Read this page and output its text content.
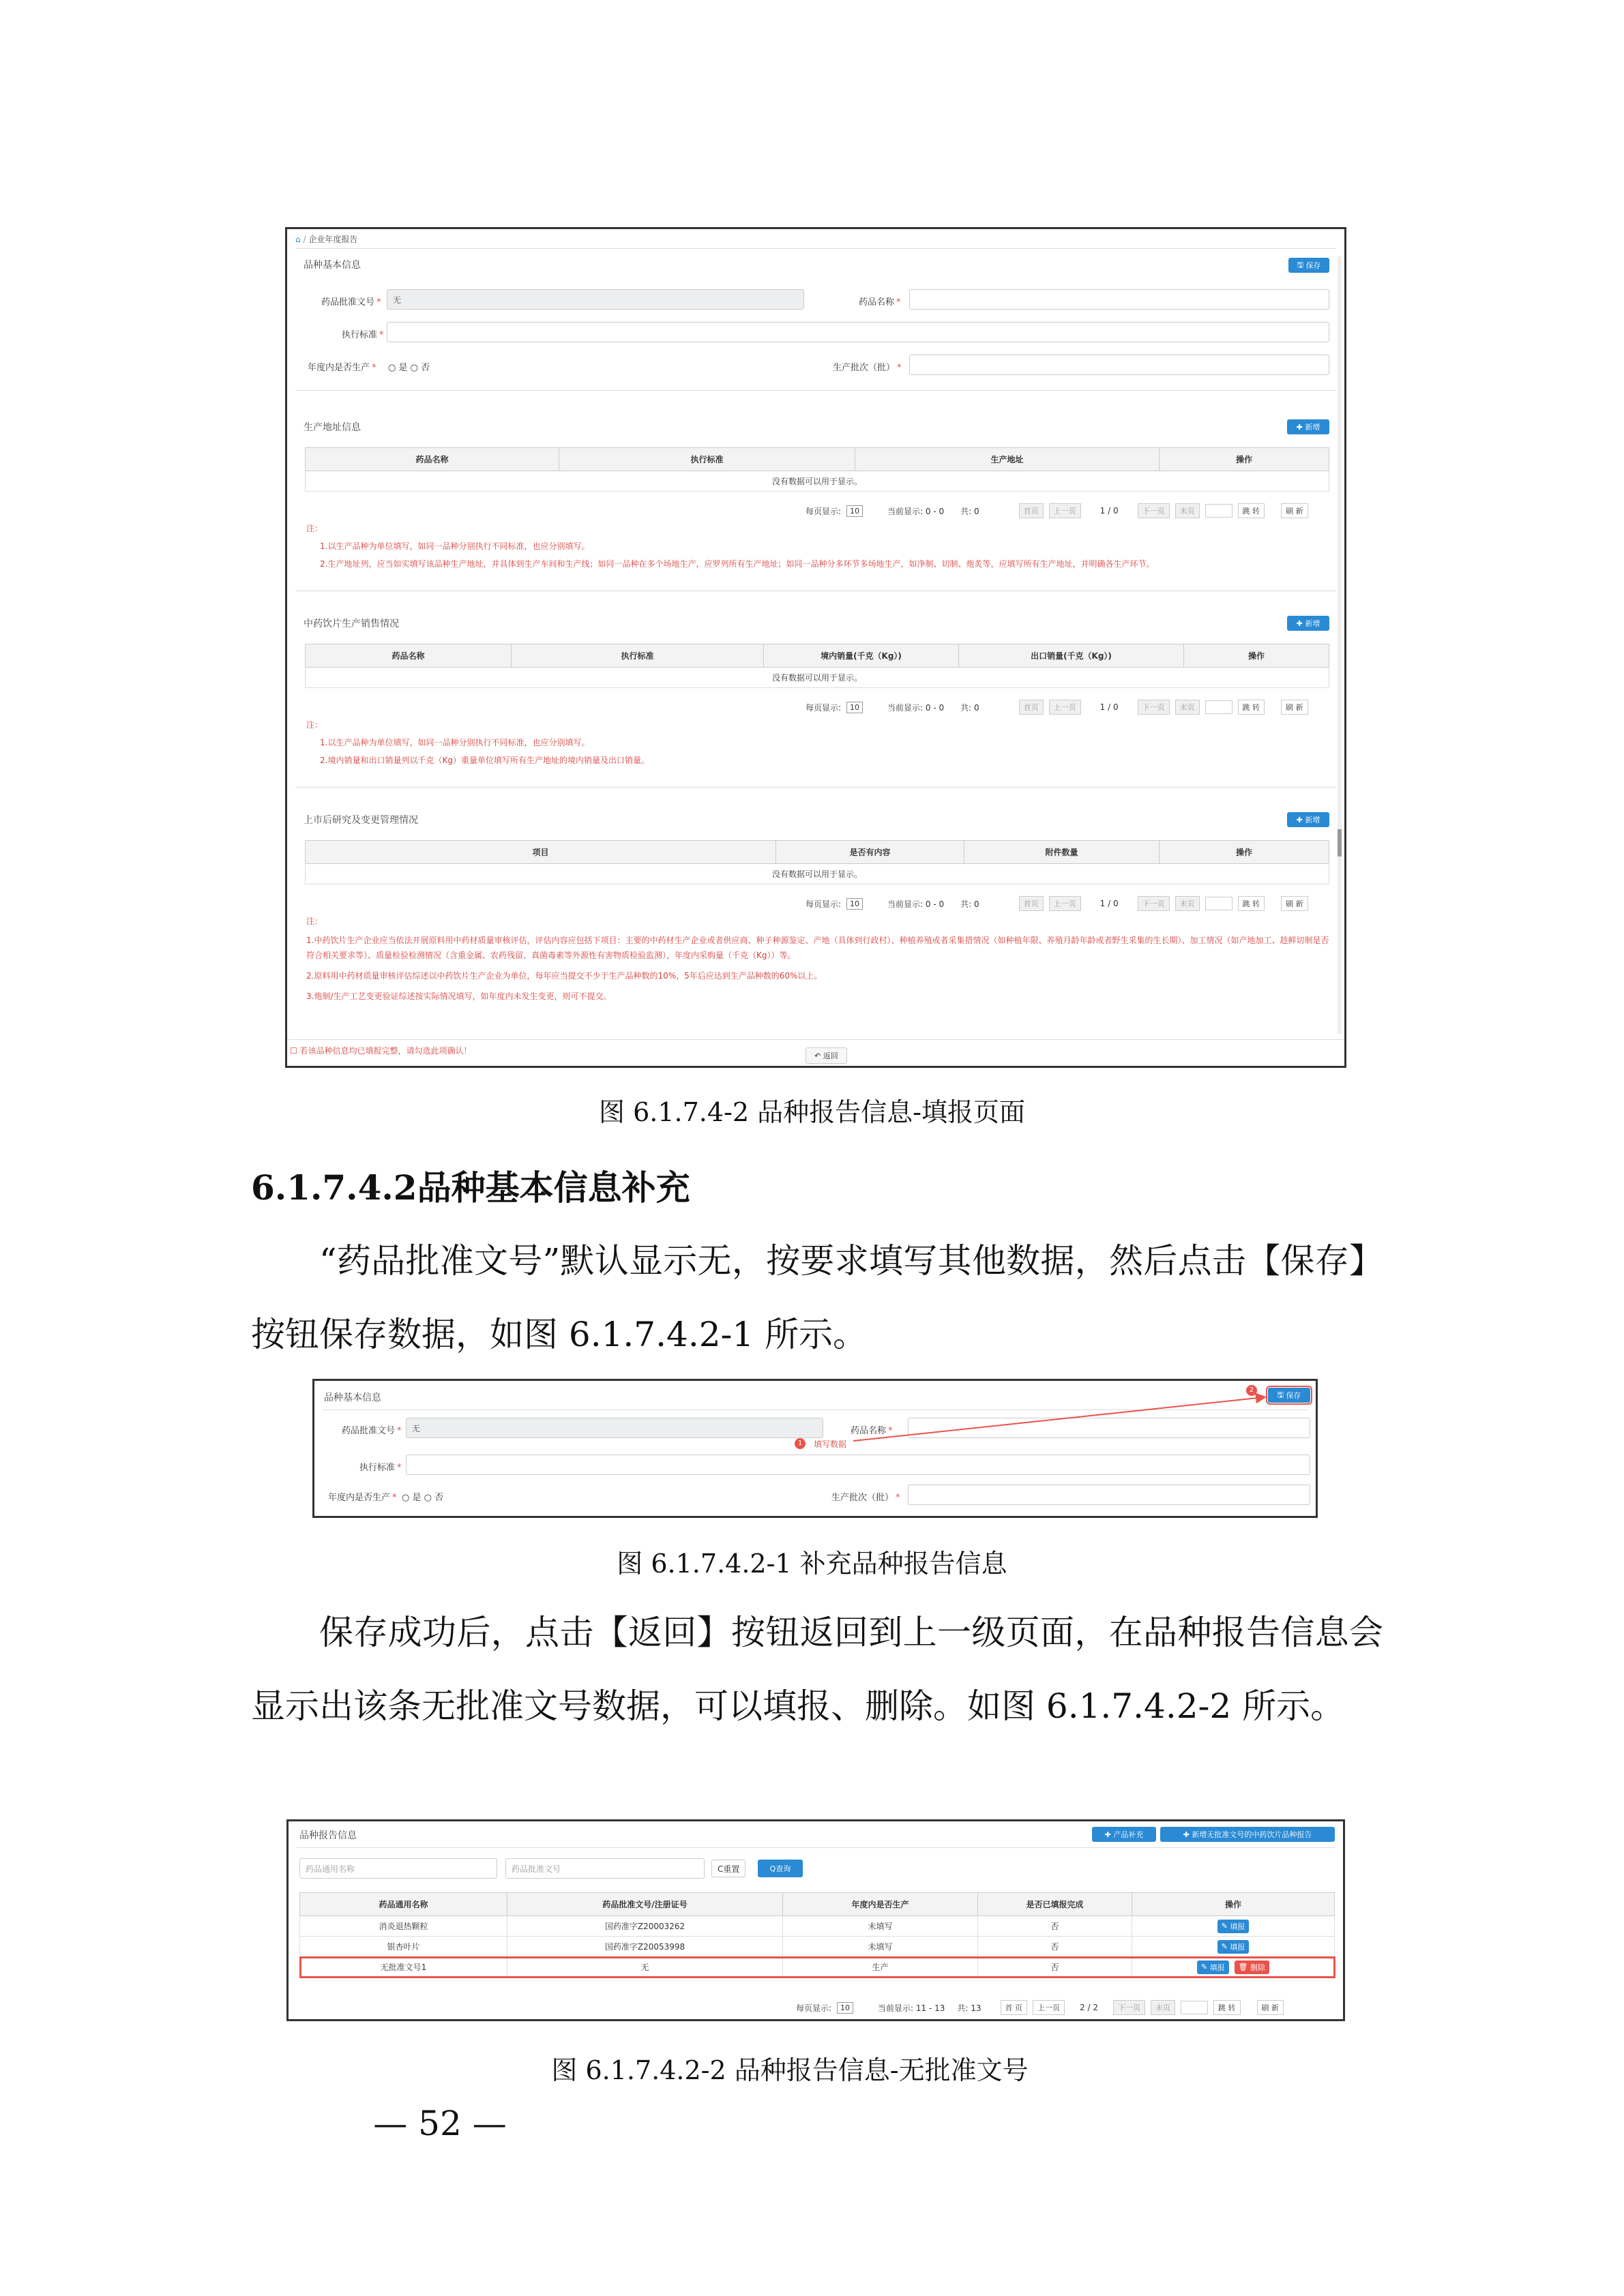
⌂ / 企业年度报告
品种基本信息	🖫
保存
药品批准文号 *	无	药品名称 *
执行标准 *
年度内是否生产 * ○ 是 ○ 否	生产批次（批） *
生产地址信息	✚ 新增
药品名称	执行标准	生产地址	操作
没有数据可以用于显示。
每页显示:	10	当前显示: 0 - 0 共: 0	首页	上一页	1 / 0	下一页	末页	跳 转	刷 新
注：
1.以生产品种为单位填写，如同一品种分别执行不同标准，也应分别填写。
2.生产地址列，应当如实填写该品种生产地址，并具体到生产车间和生产线；如同一品种在多个场地生产，应罗列所有生产地址；如同一品种分多环节多场地生产，如净制、切制、炮炙等，应填写所有生产地址，并明确各生产环节。
中药饮片生产销售情况	✚ 新增
药品名称	执行标准	境内销量(千克（Kg）)	出口销量(千克（Kg）)	操作
没有数据可以用于显示。
每页显示:	10	当前显示: 0 - 0 共: 0	首页	上一页	1 / 0	下一页	末页	跳 转	刷 新
注：
1.以生产品种为单位填写，如同一品种分别执行不同标准，也应分别填写。
2.境内销量和出口销量列以千克（Kg）重量单位填写所有生产地址的境内销量及出口销量。
上市后研究及变更管理情况	✚ 新增
项目	是否有内容	附件数量	操作
没有数据可以用于显示。
每页显示:	10	当前显示: 0 - 0 共: 0	首页	上一页	1 / 0	下一页	末页	跳 转	刷 新
注：
1.中药饮片生产企业应当依法开展原料用中药材质量审核评估，评估内容应包括下项目：主要的中药材生产企业或者供应商、种子种源鉴定、产地（具体到行政村）、种植养殖或者采集措情况（如种植年限、养殖月龄年龄或者野生采集的生长期）、加工情况（如产地加工、趁鲜切制是否符合相关要求等）、质量检验检测情况（含重金属、农药残留、真菌毒素等外源性有害物质检验监测），年度内采购量（千克（Kg））等。
2.原料用中药材质量审核评估综述以中药饮片生产企业为单位，每年应当提交不少于生产品种数的10%，5年后应达到生产品种数的60%以上。
3.炮制/生产工艺变更验证综述按实际情况填写，如年度内未发生变更，则可不提交。
☐ 若该品种信息均已填报完整，请勾选此项确认！
↶ 返回
图 6.1.7.4-2 品种报告信息-填报页面
6.1.7.4.2品种基本信息补充
“药品批准文号”默认显示无，按要求填写其他数据，然后点击【保存】按钮保存数据，如图 6.1.7.4.2-1 所示。
品种基本信息
2	🖫
保存
药品批准文号 *	无	药品名称 *
1	填写数据
执行标准 *
年度内是否生产 * ○ 是 ○ 否	生产批次（批） *
图 6.1.7.4.2-1 补充品种报告信息
保存成功后，点击【返回】按钮返回到上一级页面，在品种报告信息会显示出该条无批准文号数据，可以填报、删除。如图 6.1.7.4.2-2 所示。
品种报告信息	✚ 产品补充	✚ 新增无批准文号的中药饮片品种报告
药品通用名称	药品批准文号	C重置	Q 查询
药品通用名称	药品批准文号/注册证号	年度内是否生产	是否已填报完成	操作
消炎退热颗粒	国药准字Z20003262	未填写	否	✎ 填报

银杏叶片	国药准字Z20053998	未填写	否	✎ 填报

无批准文号1	无	生产	否	✎ 填报
🗑
删除
每页显示:	10	当前显示: 11 - 13 共: 13	首 页	上一页	2 / 2	下一页	末页	跳 转	刷 新
图 6.1.7.4.2-2 品种报告信息-无批准文号
— 52 —
